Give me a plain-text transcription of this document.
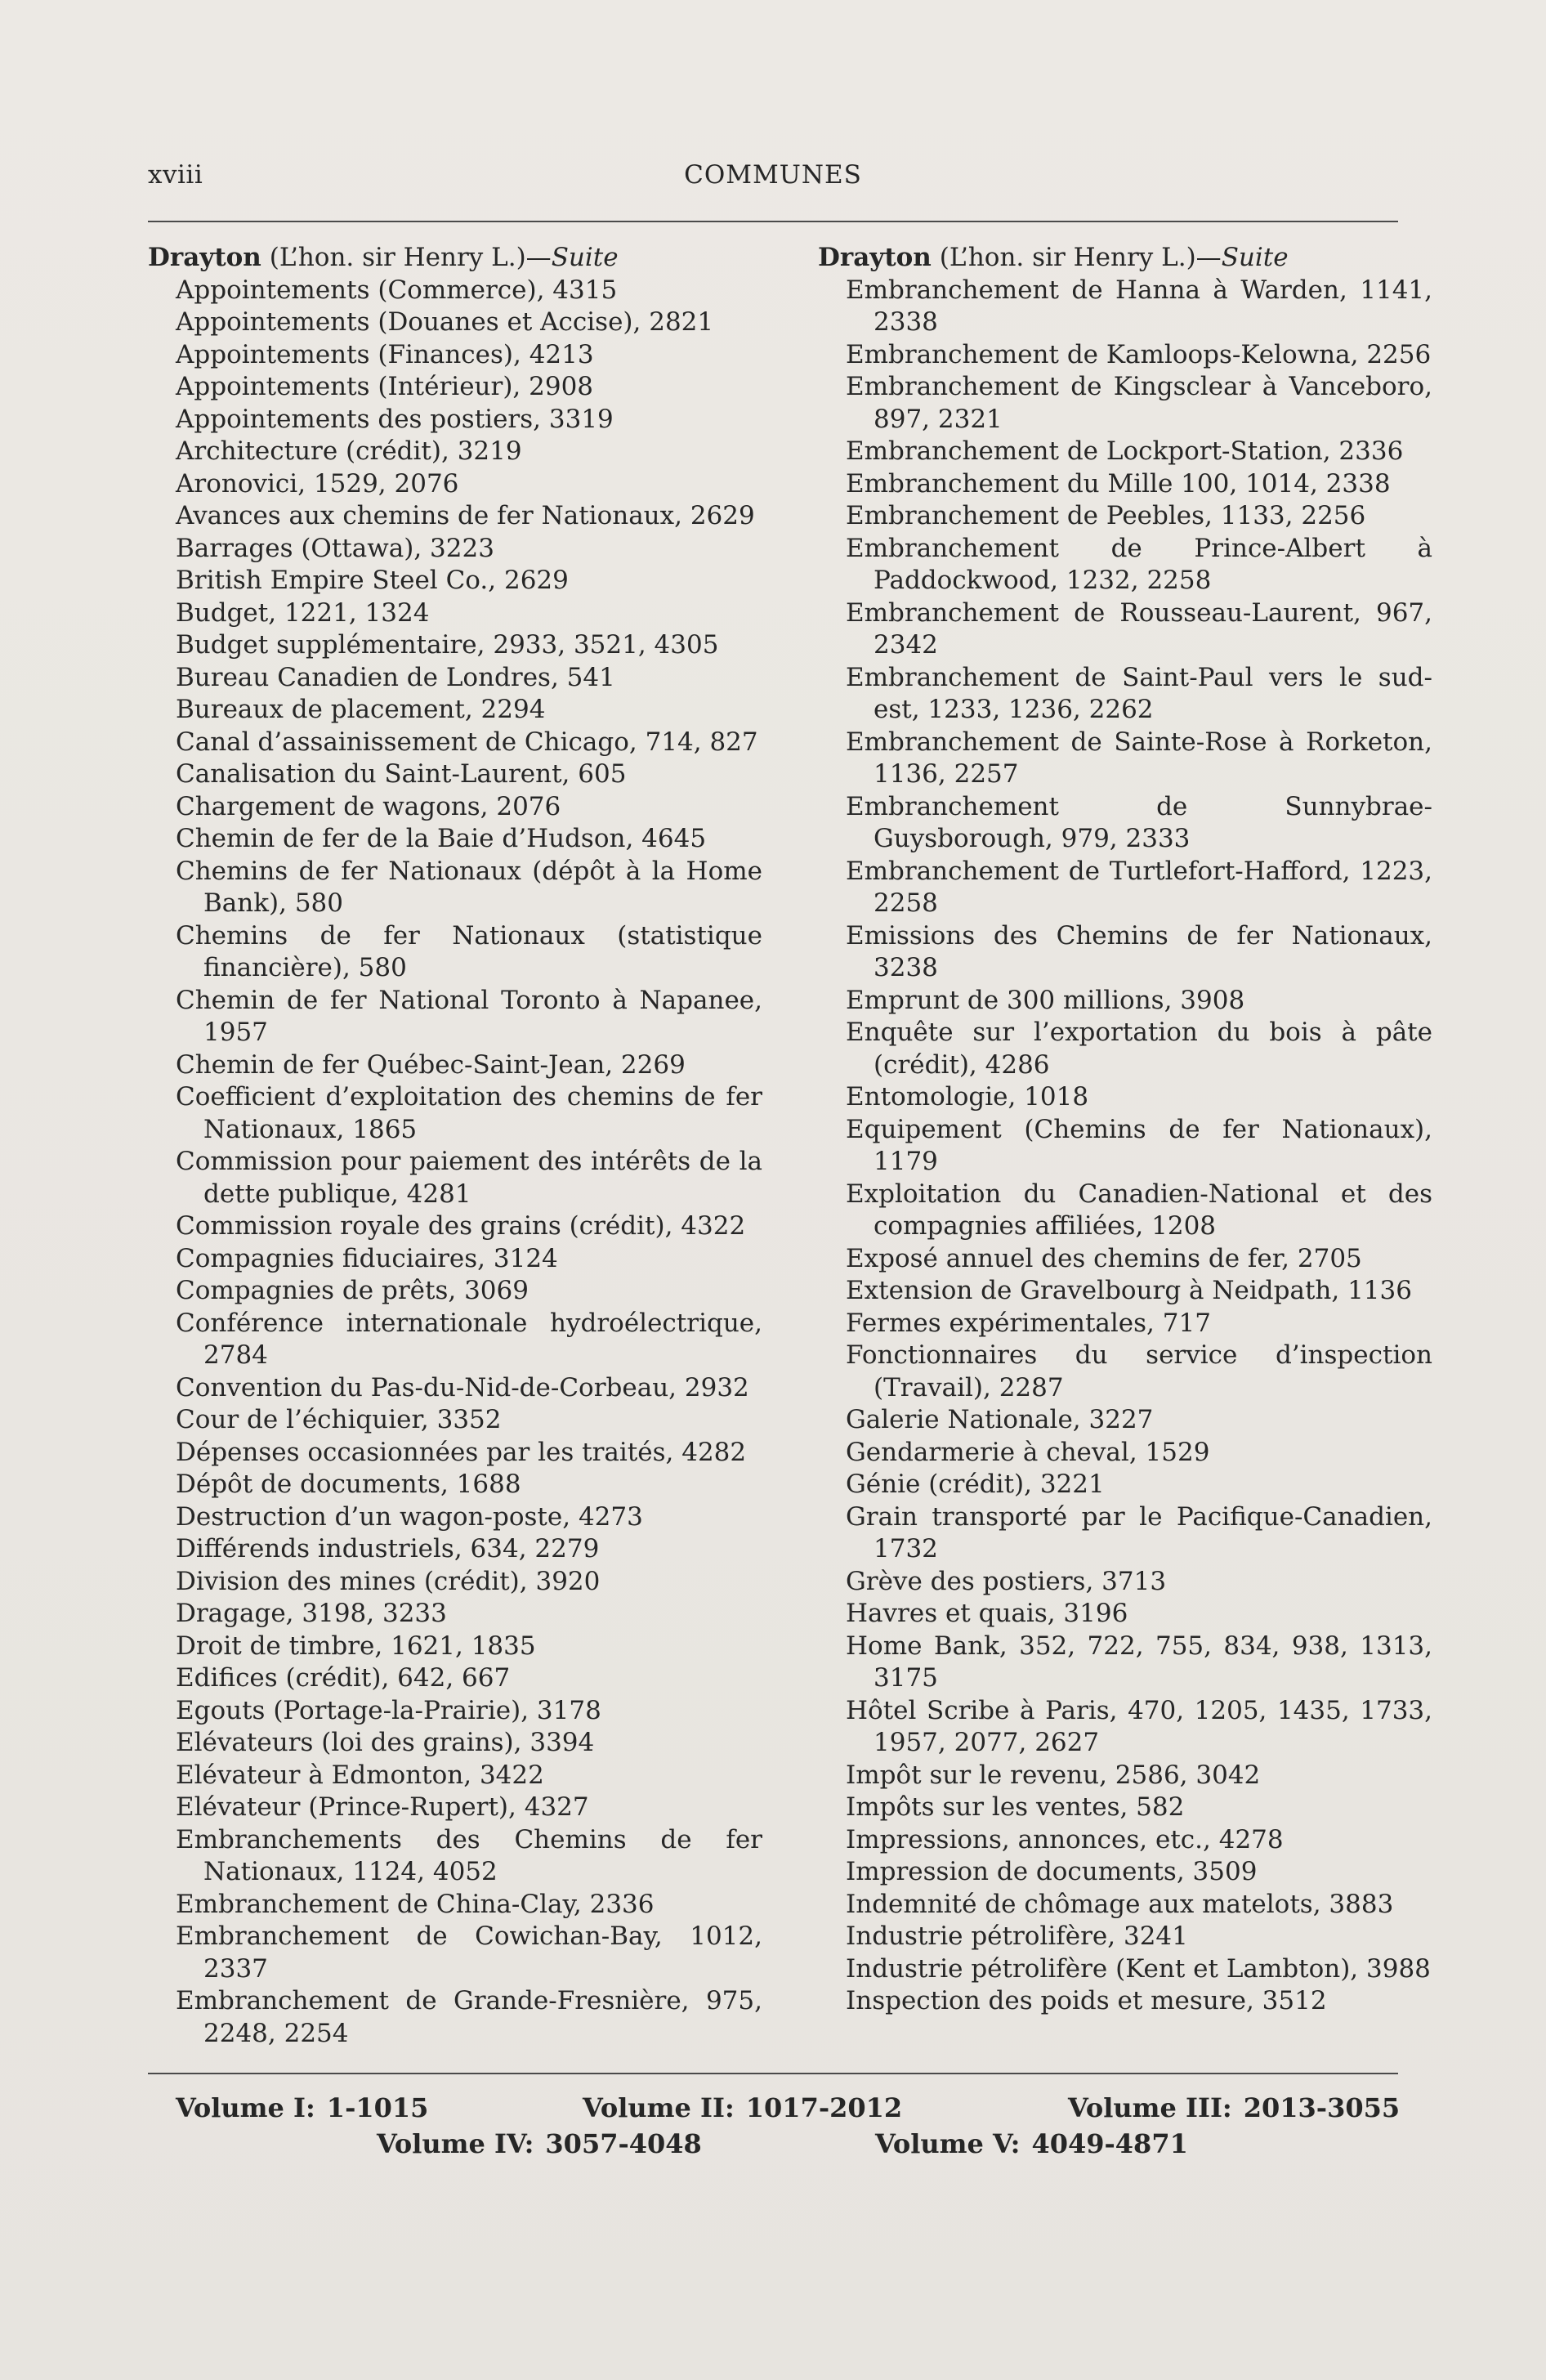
xviii	COMMUNES

Drayton (L’hon. sir Henry L.)—Suite

Appointements (Commerce), 4315
Appointements (Douanes et Accise), 2821
Appointements (Finances), 4213
Appointements (Intérieur), 2908
Appointements des postiers, 3319
Architecture (crédit), 3219
Aronovici, 1529, 2076
Avances aux chemins de fer Nationaux, 2629
Barrages (Ottawa), 3223
British Empire Steel Co., 2629
Budget, 1221, 1324
Budget supplémentaire, 2933, 3521, 4305
Bureau Canadien de Londres, 541
Bureaux de placement, 2294
Canal d’assainissement de Chicago, 714, 827
Canalisation du Saint-Laurent, 605
Chargement de wagons, 2076
Chemin de fer de la Baie d’Hudson, 4645
Chemins de fer Nationaux (dépôt à la Home Bank), 580
Chemins de fer Nationaux (statistique financière), 580
Chemin de fer National Toronto à Napanee, 1957
Chemin de fer Québec-Saint-Jean, 2269
Coefficient d’exploitation des chemins de fer Nationaux, 1865
Commission pour paiement des intérêts de la dette publique, 4281
Commission royale des grains (crédit), 4322
Compagnies fiduciaires, 3124
Compagnies de prêts, 3069
Conférence internationale hydroélectrique, 2784
Convention du Pas-du-Nid-de-Corbeau, 2932
Cour de l’échiquier, 3352
Dépenses occasionnées par les traités, 4282
Dépôt de documents, 1688
Destruction d’un wagon-poste, 4273
Différends industriels, 634, 2279
Division des mines (crédit), 3920
Dragage, 3198, 3233
Droit de timbre, 1621, 1835
Edifices (crédit), 642, 667
Egouts (Portage-la-Prairie), 3178
Elévateurs (loi des grains), 3394
Elévateur à Edmonton, 3422
Elévateur (Prince-Rupert), 4327
Embranchements des Chemins de fer Nationaux, 1124, 4052
Embranchement de China-Clay, 2336
Embranchement de Cowichan-Bay, 1012, 2337
Embranchement de Grande-Fresnière, 975, 2248, 2254

Drayton (L’hon. sir Henry L.)—Suite

Embranchement de Hanna à Warden, 1141, 2338
Embranchement de Kamloops-Kelowna, 2256
Embranchement de Kingsclear à Vanceboro, 897, 2321
Embranchement de Lockport-Station, 2336
Embranchement du Mille 100, 1014, 2338
Embranchement de Peebles, 1133, 2256
Embranchement de Prince-Albert à Paddockwood, 1232, 2258
Embranchement de Rousseau-Laurent, 967, 2342
Embranchement de Saint-Paul vers le sud-est, 1233, 1236, 2262
Embranchement de Sainte-Rose à Rorketon, 1136, 2257
Embranchement de Sunnybrae-Guysborough, 979, 2333
Embranchement de Turtlefort-Hafford, 1223, 2258
Emissions des Chemins de fer Nationaux, 3238
Emprunt de 300 millions, 3908
Enquête sur l’exportation du bois à pâte (crédit), 4286
Entomologie, 1018
Equipement (Chemins de fer Nationaux), 1179
Exploitation du Canadien-National et des compagnies affiliées, 1208
Exposé annuel des chemins de fer, 2705
Extension de Gravelbourg à Neidpath, 1136
Fermes expérimentales, 717
Fonctionnaires du service d’inspection (Travail), 2287
Galerie Nationale, 3227
Gendarmerie à cheval, 1529
Génie (crédit), 3221
Grain transporté par le Pacifique-Canadien, 1732
Grève des postiers, 3713
Havres et quais, 3196
Home Bank, 352, 722, 755, 834, 938, 1313, 3175
Hôtel Scribe à Paris, 470, 1205, 1435, 1733, 1957, 2077, 2627
Impôt sur le revenu, 2586, 3042
Impôts sur les ventes, 582
Impressions, annonces, etc., 4278
Impression de documents, 3509
Indemnité de chômage aux matelots, 3883
Industrie pétrolifère, 3241
Industrie pétrolifère (Kent et Lambton), 3988
Inspection des poids et mesure, 3512
Volume I: 1-1015	Volume II: 1017-2012	Volume III: 2013-3055
Volume IV: 3057-4048	Volume V: 4049-4871
